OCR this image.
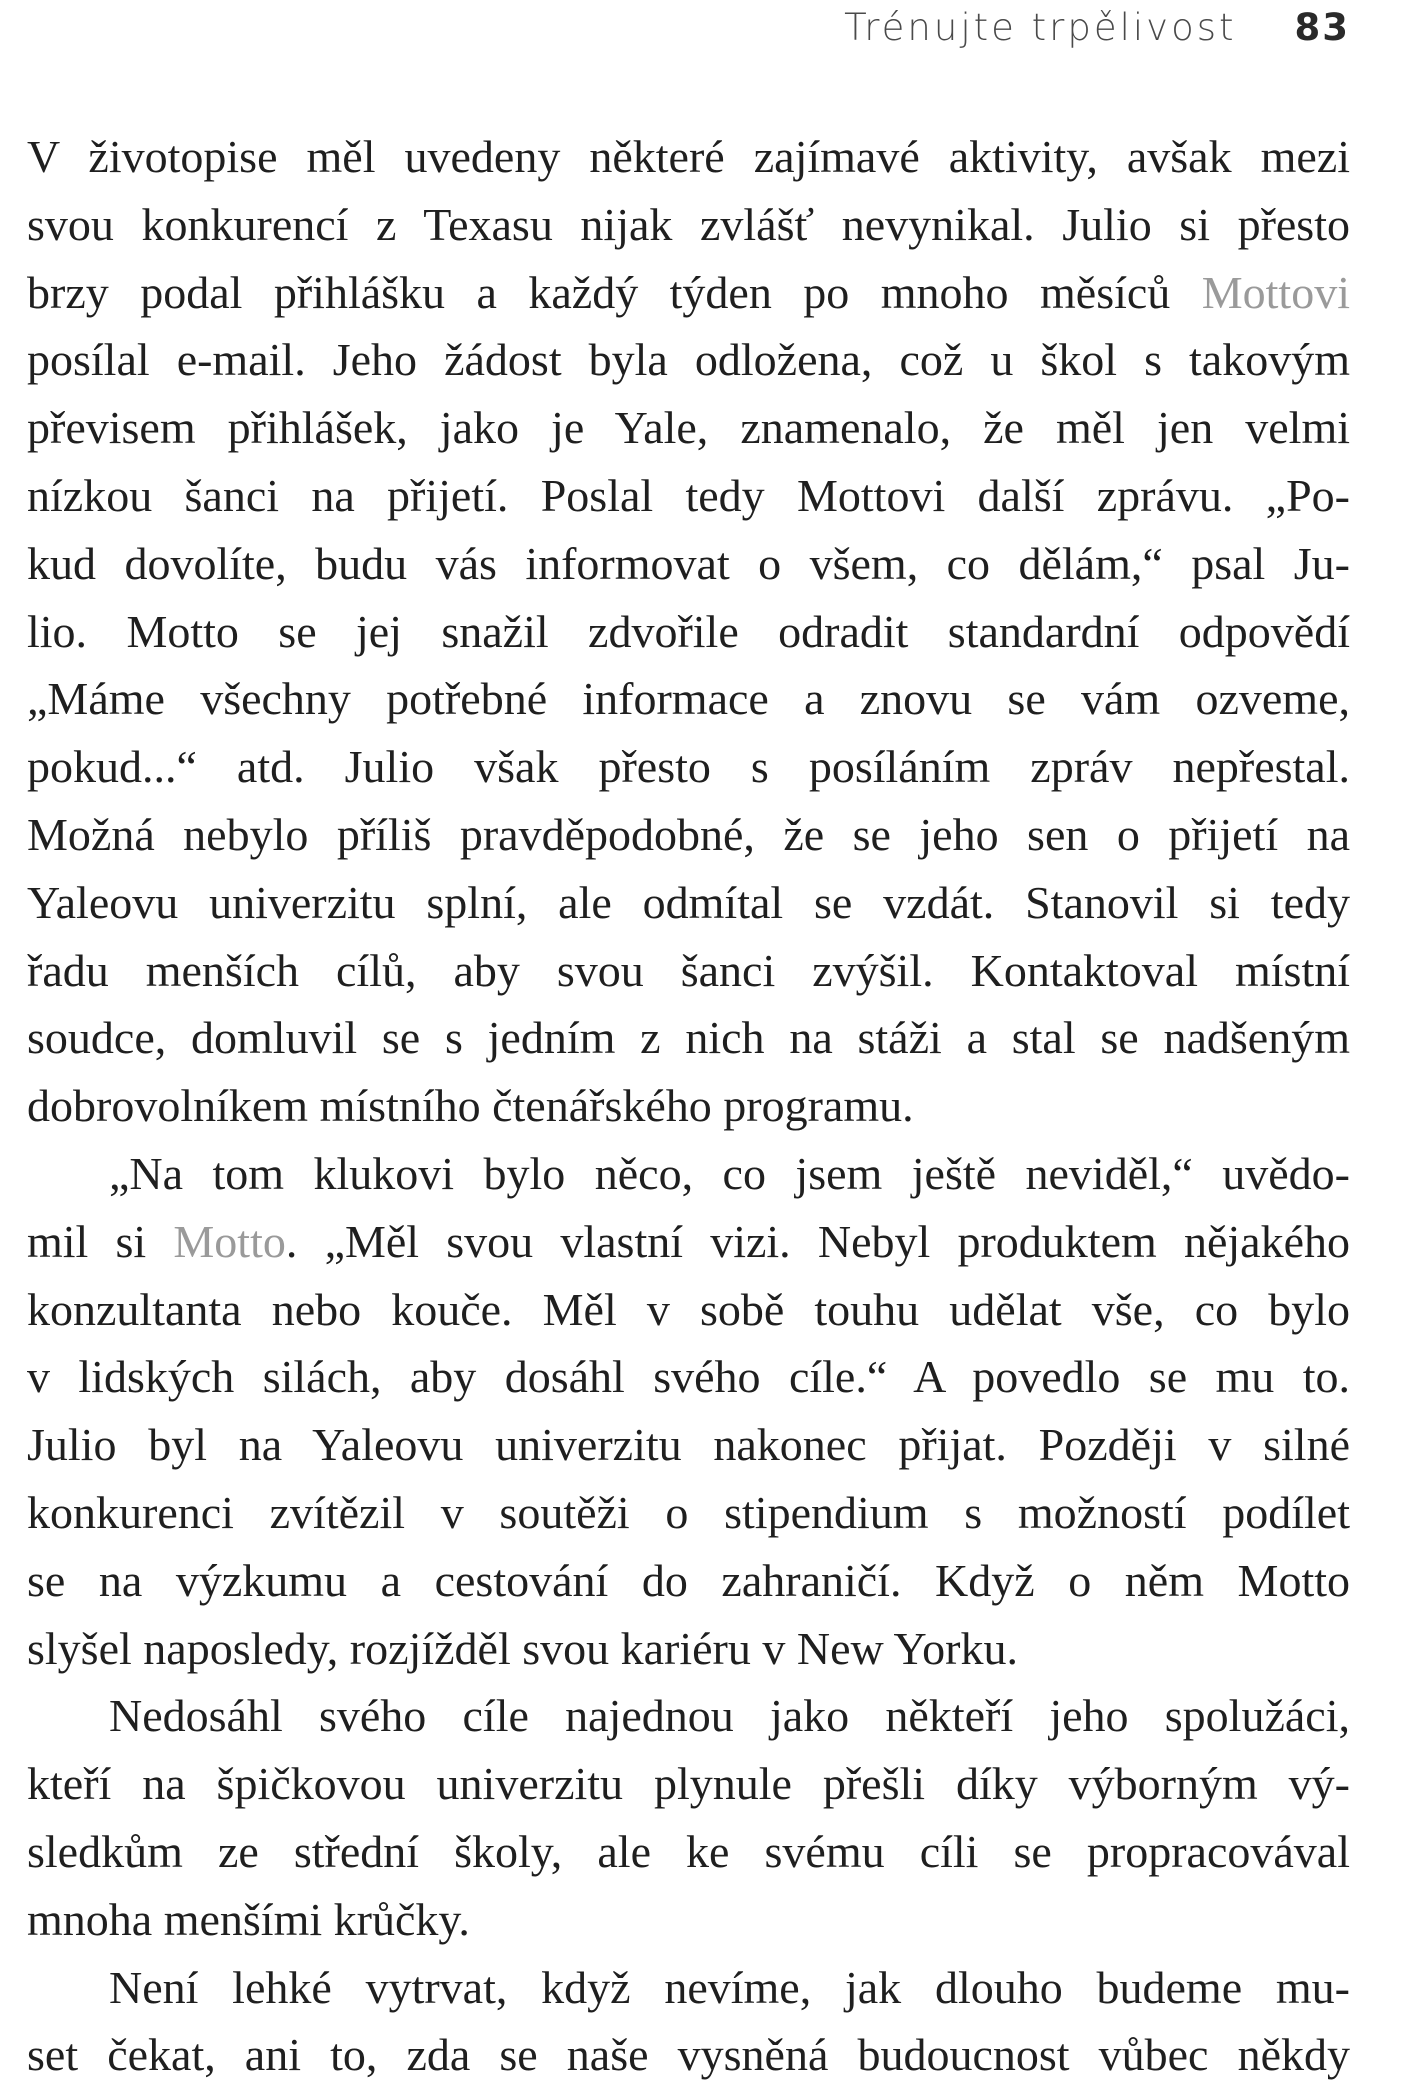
Trénujte trpělivost 83

V životopise měl uvedeny některé zajímavé aktivity, avšak mezi
svou konkurencí z Texasu nijak zvlášť nevynikal. Julio si přesto
brzy podal přihlášku a každý týden po mnoho měsíců Mottovi
posílal e-mail. Jeho žádost byla odložena, což u škol s takovým
převisem přihlášek, jako je Yale, znamenalo, že měl jen velmi
nízkou šanci na přijetí. Poslal tedy Mottovi další zprávu. „Po-
kud dovolíte, budu vás informovat o všem, co dělám,“ psal Ju-
lio. Motto se jej snažil zdvořile odradit standardní odpovědí
„Máme všechny potřebné informace a znovu se vám ozveme,
pokud...“ atd. Julio však přesto s posíláním zpráv nepřestal.
Možná nebylo příliš pravděpodobné, že se jeho sen o přijetí na
Yaleovu univerzitu splní, ale odmítal se vzdát. Stanovil si tedy
řadu menších cílů, aby svou šanci zvýšil. Kontaktoval místní
soudce, domluvil se s jedním z nich na stáži a stal se nadšeným
dobrovolníkem místního čtenářského programu.

„Na tom klukovi bylo něco, co jsem ještě neviděl,“ uvědo-
mil si Motto. „Měl svou vlastní vizi. Nebyl produktem nějakého
konzultanta nebo kouče. Měl v sobě touhu udělat vše, co bylo
v lidských silách, aby dosáhl svého cíle.“ A povedlo se mu to.
Julio byl na Yaleovu univerzitu nakonec přijat. Později v silné
konkurenci zvítězil v soutěži o stipendium s možností podílet
se na výzkumu a cestování do zahraničí. Když o něm Motto
slyšel naposledy, rozjížděl svou kariéru v New Yorku.

Nedosáhl svého cíle najednou jako někteří jeho spolužáci,
kteří na špičkovou univerzitu plynule přešli díky výborným vý-
sledkům ze střední školy, ale ke svému cíli se propracovával
mnoha menšími krůčky.

Není lehké vytrvat, když nevíme, jak dlouho budeme mu-
set čekat, ani to, zda se naše vysněná budoucnost vůbec někdy
